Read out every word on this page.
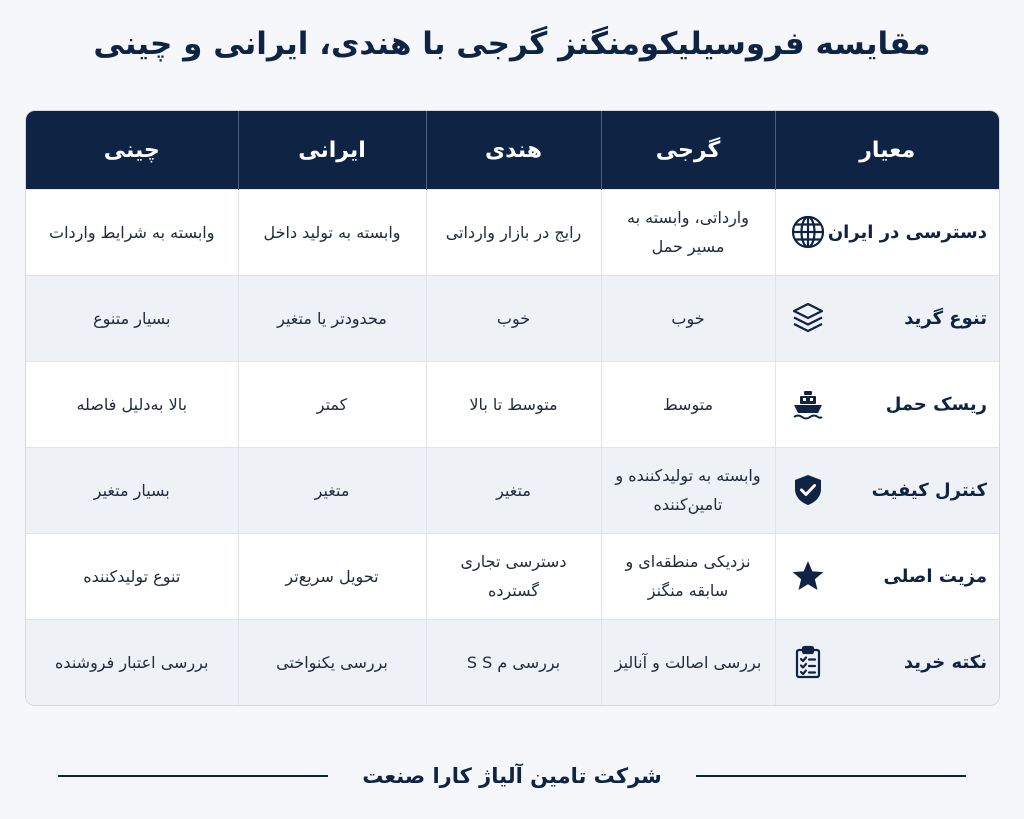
مقایسه فروسیلیکومنگنز گرجی با هندی، ایرانی و چینی
معیار	گرجی	هندی	ایرانی	چینی

دسترسی در ایران	وارداتی، وابسته به مسیر حمل	رایج در بازار وارداتی	وابسته به تولید داخل	وابسته به شرایط واردات

تنوع گرید	خوب	خوب	محدودتر یا متغیر	بسیار متنوع

ریسک حمل	متوسط	متوسط تا بالا	کمتر	بالا به‌دلیل فاصله

کنترل کیفیت	وابسته به تولیدکننده و تامین‌کننده	متغیر	متغیر	بسیار متغیر

مزیت اصلی	نزدیکی منطقه‌ای و سابقه منگنز	دسترسی تجاری گسترده	تحویل سریع‌تر	تنوع تولیدکننده

نکته خرید	بررسی اصالت و آنالیز	بررسی م S S	بررسی یکنواختی	بررسی اعتبار فروشنده
شرکت تامین آلیاژ کارا صنعت
